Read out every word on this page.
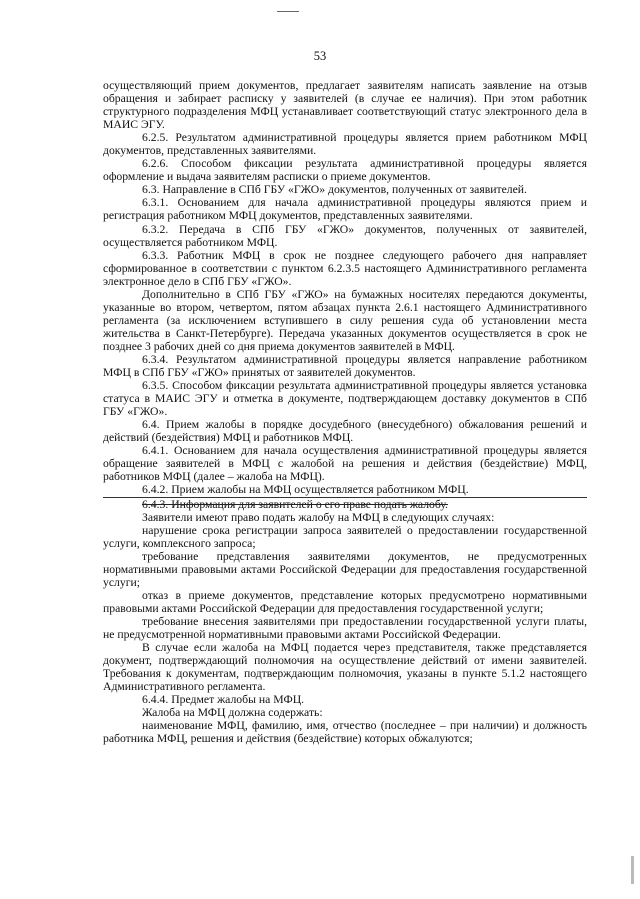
53

осуществляющий прием документов, предлагает заявителям написать заявление на отзыв обращения и забирает расписку у заявителей (в случае ее наличия). При этом работник структурного подразделения МФЦ устанавливает соответствующий статус электронного дела в МАИС ЭГУ.

6.2.5. Результатом административной процедуры является прием работником МФЦ документов, представленных заявителями.

6.2.6. Способом фиксации результата административной процедуры является оформление и выдача заявителям расписки о приеме документов.

6.3. Направление в СПб ГБУ «ГЖО» документов, полученных от заявителей.

6.3.1. Основанием для начала административной процедуры являются прием и регистрация работником МФЦ документов, представленных заявителями.

6.3.2. Передача в СПб ГБУ «ГЖО» документов, полученных от заявителей, осуществляется работником МФЦ.

6.3.3. Работник МФЦ в срок не позднее следующего рабочего дня направляет сформированное в соответствии с пунктом 6.2.3.5 настоящего Административного регламента электронное дело в СПб ГБУ «ГЖО».

Дополнительно в СПб ГБУ «ГЖО» на бумажных носителях передаются документы, указанные во втором, четвертом, пятом абзацах пункта 2.6.1 настоящего Административного регламента (за исключением вступившего в силу решения суда об установлении места жительства в Санкт-Петербурге). Передача указанных документов осуществляется в срок не позднее 3 рабочих дней со дня приема документов заявителей в МФЦ.

6.3.4. Результатом административной процедуры является направление работником МФЦ в СПб ГБУ «ГЖО» принятых от заявителей документов.

6.3.5. Способом фиксации результата административной процедуры является установка статуса в МАИС ЭГУ и отметка в документе, подтверждающем доставку документов в СПб ГБУ «ГЖО».

6.4. Прием жалобы в порядке досудебного (внесудебного) обжалования решений и действий (бездействия) МФЦ и работников МФЦ.

6.4.1. Основанием для начала осуществления административной процедуры является обращение заявителей в МФЦ с жалобой на решения и действия (бездействие) МФЦ, работников МФЦ (далее – жалоба на МФЦ).

6.4.2. Прием жалобы на МФЦ осуществляется работником МФЦ.

6.4.3. Информация для заявителей о его праве подать жалобу.

Заявители имеют право подать жалобу на МФЦ в следующих случаях:

нарушение срока регистрации запроса заявителей о предоставлении государственной услуги, комплексного запроса;

требование представления заявителями документов, не предусмотренных нормативными правовыми актами Российской Федерации для предоставления государственной услуги;

отказ в приеме документов, представление которых предусмотрено нормативными правовыми актами Российской Федерации для предоставления государственной услуги;

требование внесения заявителями при предоставлении государственной услуги платы, не предусмотренной нормативными правовыми актами Российской Федерации.

В случае если жалоба на МФЦ подается через представителя, также представляется документ, подтверждающий полномочия на осуществление действий от имени заявителей. Требования к документам, подтверждающим полномочия, указаны в пункте 5.1.2 настоящего Административного регламента.

6.4.4. Предмет жалобы на МФЦ.

Жалоба на МФЦ должна содержать:

наименование МФЦ, фамилию, имя, отчество (последнее – при наличии) и должность работника МФЦ, решения и действия (бездействие) которых обжалуются;
